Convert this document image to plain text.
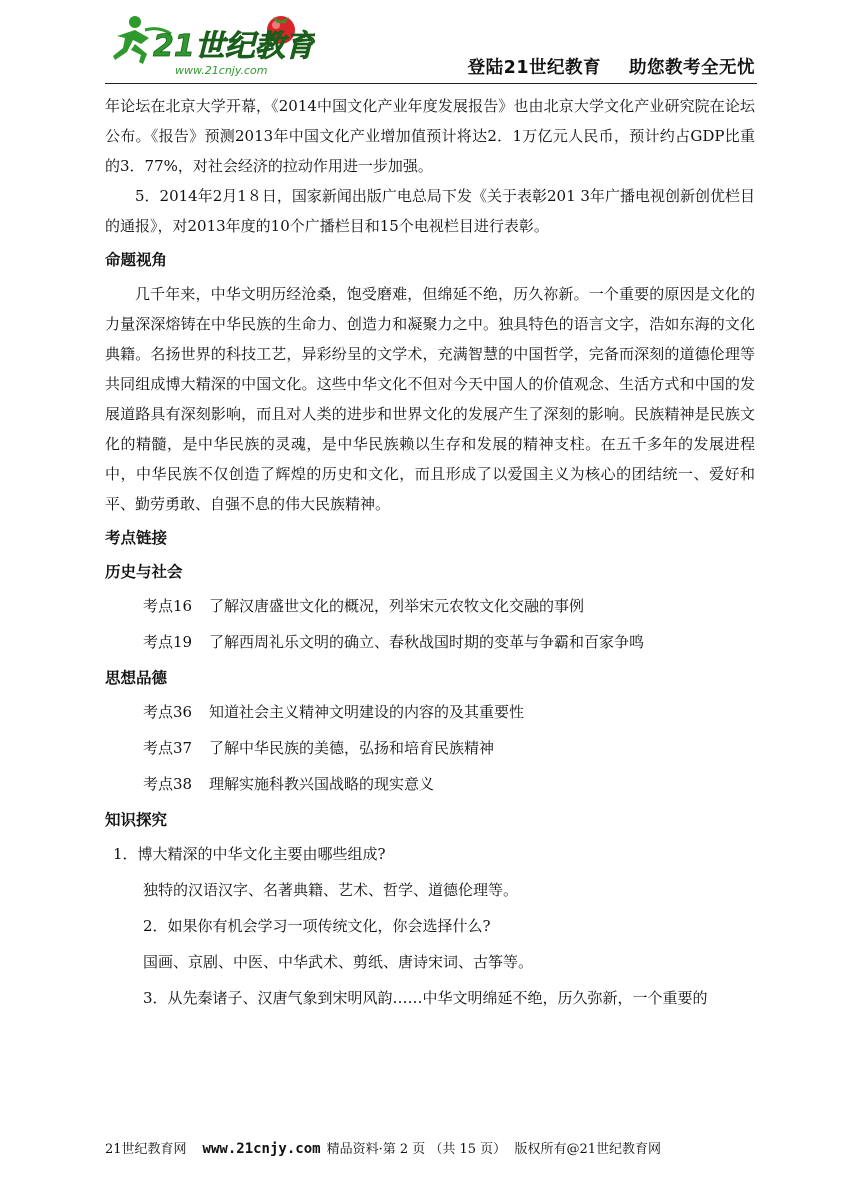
21世纪教育
www.21cnjy.com	登陆21世纪教育 助您教考全无忧

年论坛在北京大学开幕，《2014中国文化产业年度发展报告》也由北京大学文化产业研究院在论坛公布。《报告》预测2013年中国文化产业增加值预计将达2．1万亿元人民币，预计约占GDP比重的3．77%，对社会经济的拉动作用进一步加强。

5．2014年2月1８日，国家新闻出版广电总局下发《关于表彰201 3年广播电视创新创优栏目的通报》，对2013年度的10个广播栏目和15个电视栏目进行表彰。

命题视角

几千年来，中华文明历经沧桑，饱受磨难，但绵延不绝，历久祢新。一个重要的原因是文化的力量深深熔铸在中华民族的生命力、创造力和凝聚力之中。独具特色的语言文字，浩如东海的文化典籍。名扬世界的科技工艺，异彩纷呈的文学术，充满智慧的中国哲学，完备而深刻的道德伦理等共同组成博大精深的中国文化。这些中华文化不但对今天中国人的价值观念、生活方式和中国的发展道路具有深刻影响，而且对人类的进步和世界文化的发展产生了深刻的影响。民族精神是民族文化的精髓，是中华民族的灵魂，是中华民族赖以生存和发展的精神支柱。在五千多年的发展进程中，中华民族不仅创造了辉煌的历史和文化，而且形成了以爱国主义为核心的团结统一、爱好和平、勤劳勇敢、自强不息的伟大民族精神。

考点链接
历史与社会
考点16 了解汉唐盛世文化的概况，列举宋元农牧文化交融的事例
考点19 了解西周礼乐文明的确立、春秋战国时期的变革与争霸和百家争鸣
思想品德
考点36 知道社会主义精神文明建设的内容的及其重要性
考点37 了解中华民族的美德，弘扬和培育民族精神
考点38 理解实施科教兴国战略的现实意义
知识探究
1．博大精深的中华文化主要由哪些组成?
独特的汉语汉字、名著典籍、艺术、哲学、道德伦理等。
2．如果你有机会学习一项传统文化，你会选择什么?
国画、京剧、中医、中华武术、剪纸、唐诗宋词、古筝等。
3．从先秦诸子、汉唐气象到宋明风韵……中华文明绵延不绝，历久弥新，一个重要的
21世纪教育网 www.21cnjy.com 精品资料·第 2 页 （共 15 页） 版权所有@21世纪教育网
